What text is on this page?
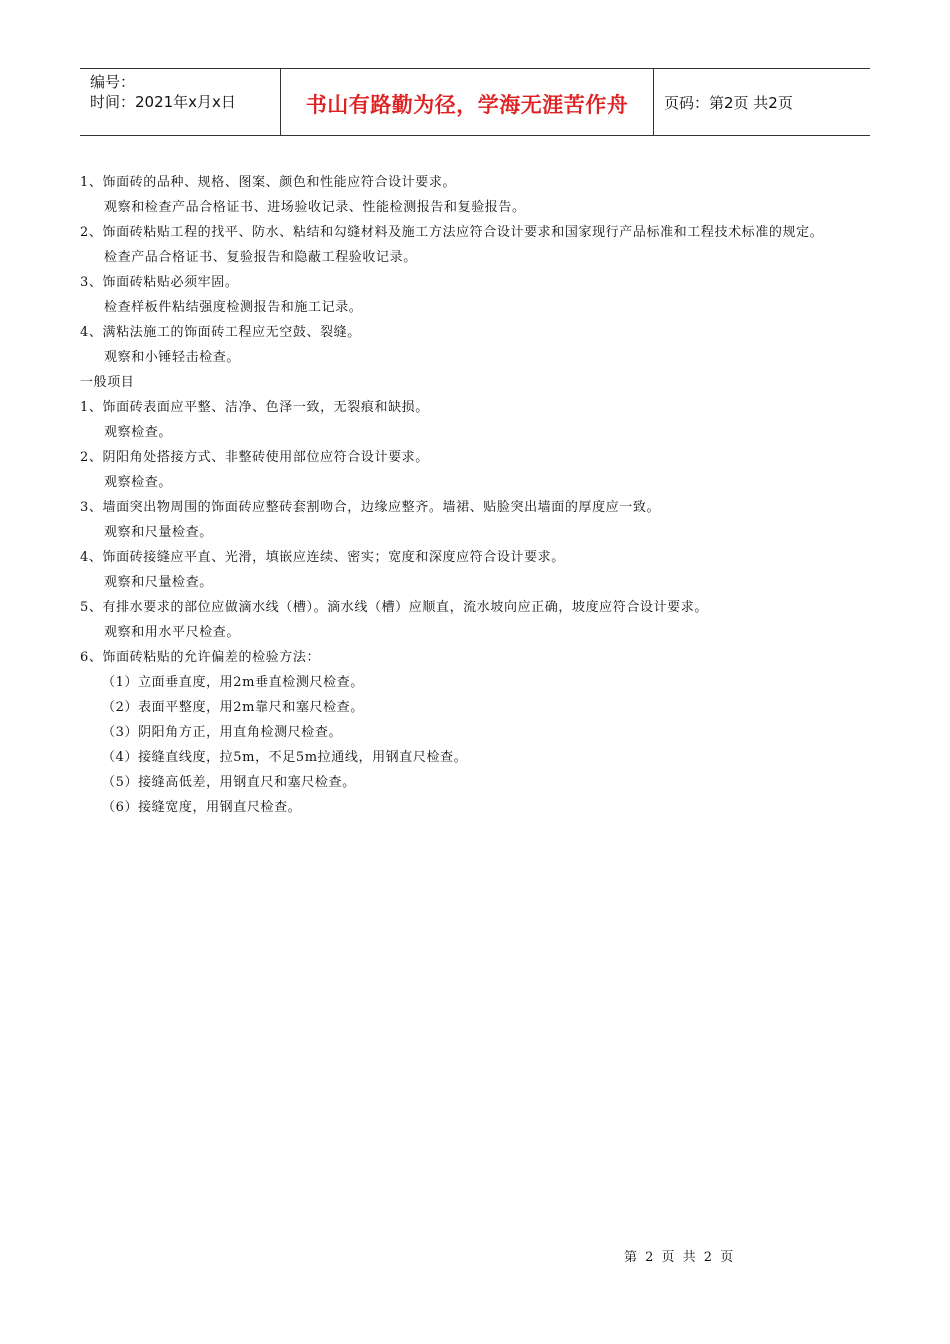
编号：
时间：2021年x月x日	书山有路勤为径，学海无涯苦作舟 页码：第2页 共2页
1、饰面砖的品种、规格、图案、颜色和性能应符合设计要求。
观察和检查产品合格证书、进场验收记录、性能检测报告和复验报告。
2、饰面砖粘贴工程的找平、防水、粘结和勾缝材料及施工方法应符合设计要求和国家现行产品标准和工程技术标准的规定。
检查产品合格证书、复验报告和隐蔽工程验收记录。
3、饰面砖粘贴必须牢固。
检查样板件粘结强度检测报告和施工记录。
4、满粘法施工的饰面砖工程应无空鼓、裂缝。
观察和小锤轻击检查。
一般项目
1、饰面砖表面应平整、洁净、色泽一致，无裂痕和缺损。
观察检查。
2、阴阳角处搭接方式、非整砖使用部位应符合设计要求。
观察检查。
3、墙面突出物周围的饰面砖应整砖套割吻合，边缘应整齐。墙裙、贴脸突出墙面的厚度应一致。
观察和尺量检查。
4、饰面砖接缝应平直、光滑，填嵌应连续、密实；宽度和深度应符合设计要求。
观察和尺量检查。
5、有排水要求的部位应做滴水线（槽）。滴水线（槽）应顺直，流水坡向应正确，坡度应符合设计要求。
观察和用水平尺检查。
6、饰面砖粘贴的允许偏差的检验方法：
（1）立面垂直度，用2m垂直检测尺检查。
（2）表面平整度，用2m靠尺和塞尺检查。
（3）阴阳角方正，用直角检测尺检查。
（4）接缝直线度，拉5m，不足5m拉通线，用钢直尺检查。
（5）接缝高低差，用钢直尺和塞尺检查。
（6）接缝宽度，用钢直尺检查。
第 2 页 共 2 页
